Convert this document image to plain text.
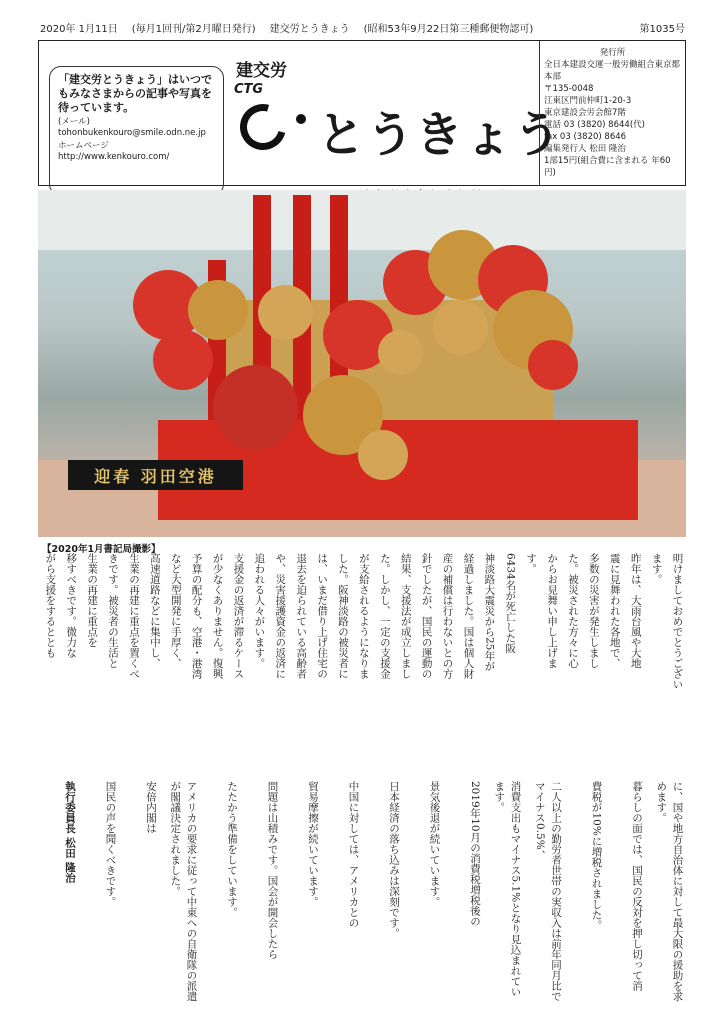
2020年 1月11日 (毎月1回刊/第2月曜日発行) 建交労とうきょう (昭和53年9月22日第三種郵便物認可)	第1035号
「建交労とうきょう」はいつでもみなさまからの記事や写真を待っています。
(メール) tohonbukenkouro@smile.odn.ne.jp
ホームページ
http://www.kenkouro.com/
建交労
CTG
とうきょう
発行所
全日本建設交運一般労働組合東京都本部
〒135-0048
江東区門前仲町1-20-3
東京建設会労会館7階
電話 03 (3820) 8644(代)
fax 03 (3820) 8646
編集発行人 松田 隆治
1部15円(組合費に含まれる 年60円)
迎春 羽田空港
【2020年1月書記局撮影】
明けましておめでとうござい
ます。
昨年は、大雨台風や大地
震に見舞われた各地で、
多数の災害が発生しまし
た。被災された方々に心
からお見舞い申し上げま
す。
6434名が死亡した阪
神淡路大震災から25年が
経過しました。国は個人財
産の補償は行わないとの方
針でしたが、国民の運動の
結果、支援法が成立しまし
た。しかし、一定の支援金
が支給されるようになりま
した。阪神淡路の被災者に
は、いまだ借り上げ住宅の
退去を迫られている高齢者
や、災害援護資金の返済に
追われる人々がいます。
支援金の返済が滞るケース
が少なくありません。復興
予算の配分も、空港・港湾
など大型開発に手厚く、
高速道路などに集中し、
生業の再建に重点を置くべ
きです。被災者の生活と
生業の再建に重点を
移すべきです。微力な
がら支援をするととも
に、国や地方自治体に対して最大限の援助を求めます。
暮らしの面では、国民の反対を押し切って消
費税が10%に増税されました。
二人以上の勤労者世帯の実収入は前年同月比でマイナス0.5%、
消費支出もマイナス5.1%となり見込まれています。
2019年10月の消費税増税後の
景気後退が続いています。
日本経済の落ち込みは深刻です。
中国に対しては、アメリカとの
貿易摩擦が続いています。
問題は山積みです。国会が開会したら
たたかう準備をしています。
アメリカの要求に従って中東への自衛隊の派遣が閣議決定されました。
安倍内閣は
国民の声を聞くべきです。
執行委員長 松田 隆治
